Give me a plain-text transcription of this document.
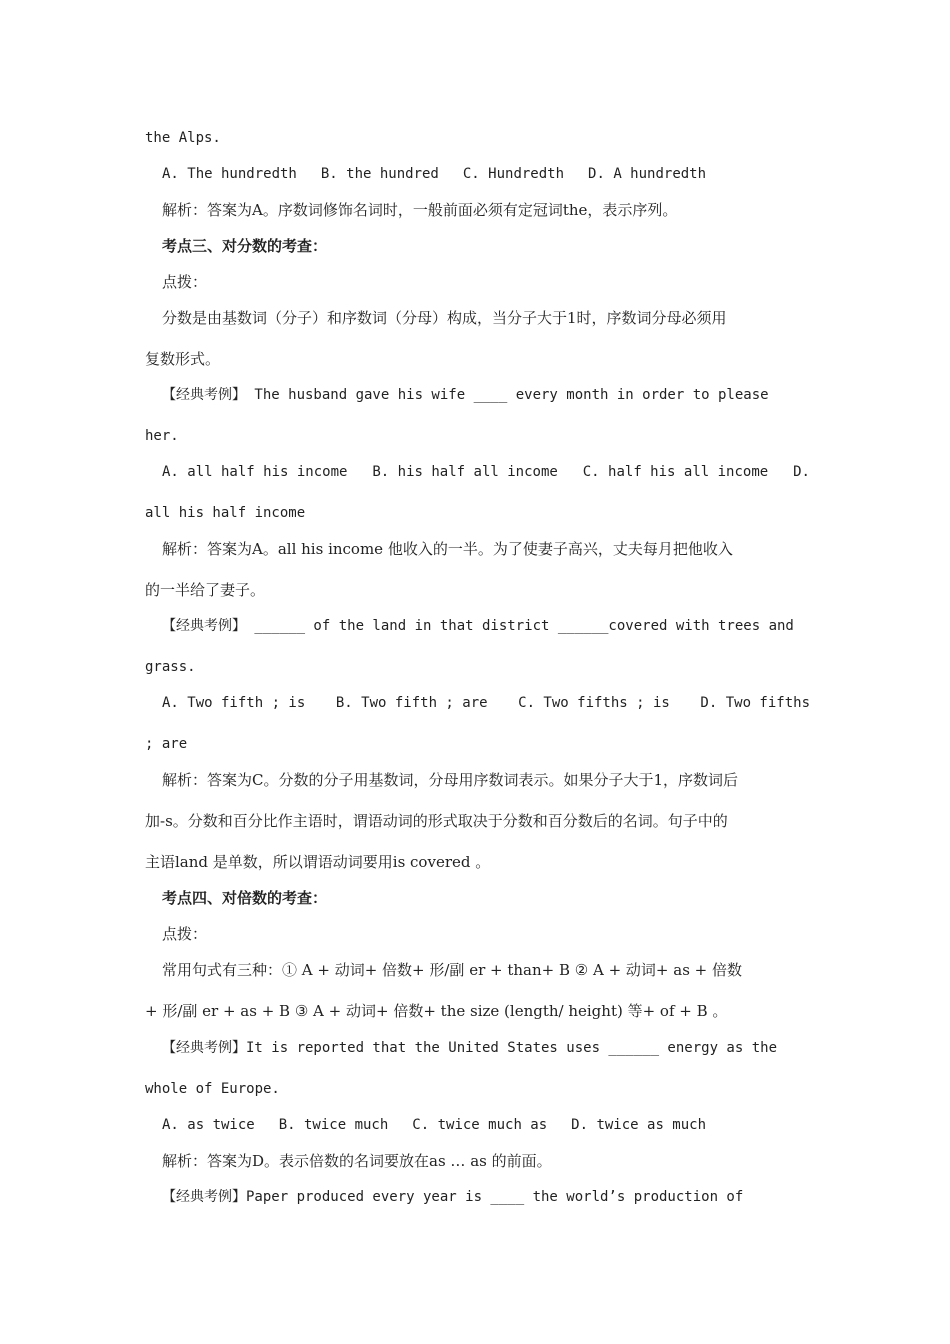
the Alps.
A. The hundredth B. the hundred C. Hundredth D. A hundredth
解析：答案为A。序数词修饰名词时，一般前面必须有定冠词the，表示序列。
考点三、对分数的考查：
点拨：
分数是由基数词（分子）和序数词（分母）构成，当分子大于1时，序数词分母必须用
复数形式。
【经典考例】 The husband gave his wife ____ every month in order to please
her.
A. all half his income B. his half all income C. half his all income D.
all his half income
解析：答案为A。all his income 他收入的一半。为了使妻子高兴，丈夫每月把他收入
的一半给了妻子。
【经典考例】 ______ of the land in that district ______covered with trees and
grass.
A. Two fifth ; is B. Two fifth ; are C. Two fifths ; is D. Two fifths
; are
解析：答案为C。分数的分子用基数词，分母用序数词表示。如果分子大于1，序数词后
加-s。分数和百分比作主语时，谓语动词的形式取决于分数和百分数后的名词。句子中的
主语land 是单数，所以谓语动词要用is covered 。
考点四、对倍数的考查：
点拨：
常用句式有三种：① A + 动词+ 倍数+ 形/副 er + than+ B ② A + 动词+ as + 倍数
+ 形/副 er + as + B ③ A + 动词+ 倍数+ the size (length/ height) 等+ of + B 。
【经典考例】It is reported that the United States uses ______ energy as the
whole of Europe.
A. as twice B. twice much C. twice much as D. twice as much
解析：答案为D。表示倍数的名词要放在as … as 的前面。
【经典考例】Paper produced every year is ____ the world’s production of
